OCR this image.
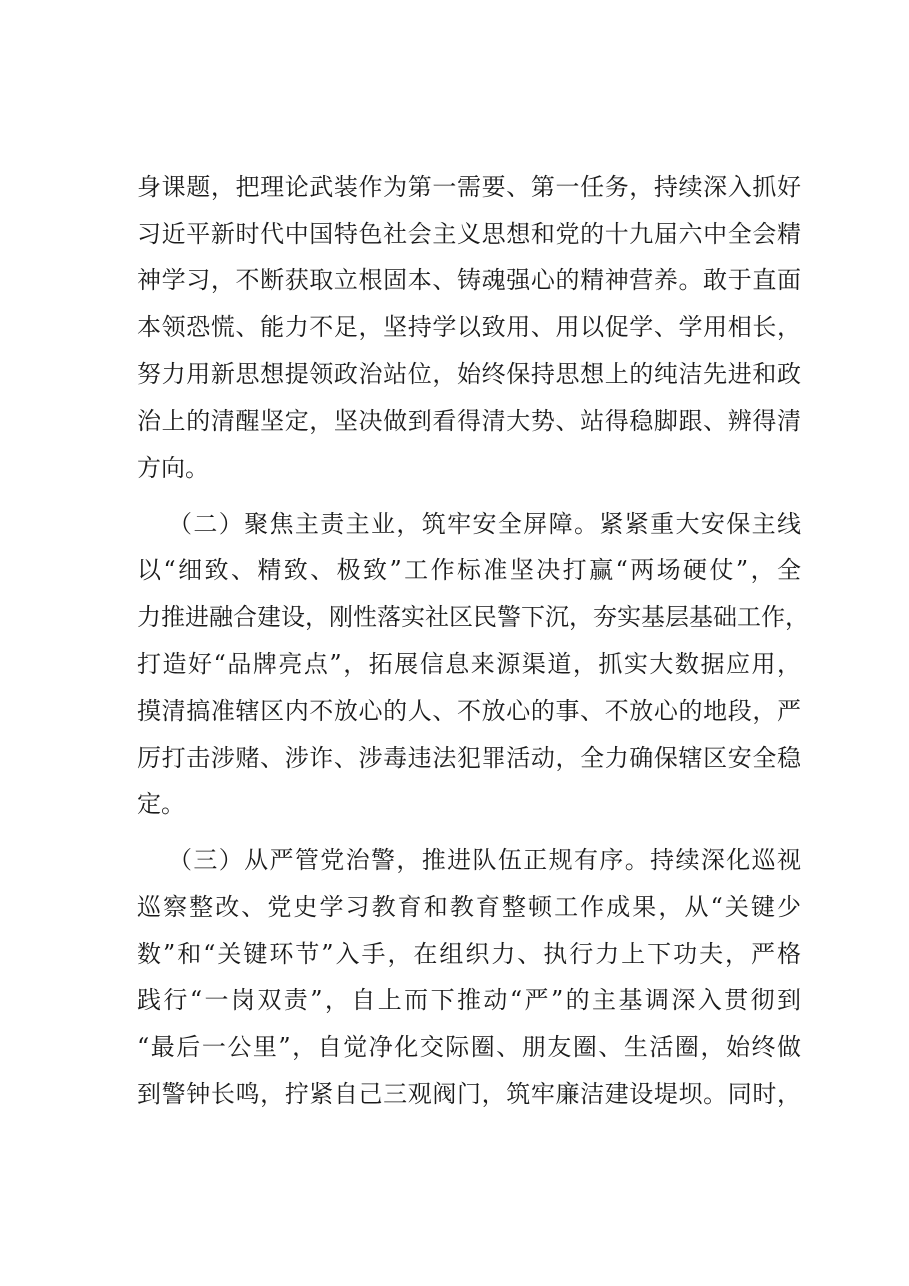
身课题，把理论武装作为第一需要、第一任务，持续深入抓好
习近平新时代中国特色社会主义思想和党的十九届六中全会精
神学习，不断获取立根固本、铸魂强心的精神营养。敢于直面
本领恐慌、能力不足，坚持学以致用、用以促学、学用相长，
努力用新思想提领政治站位，始终保持思想上的纯洁先进和政
治上的清醒坚定，坚决做到看得清大势、站得稳脚跟、辨得清
方向。
（二）聚焦主责主业，筑牢安全屏障。紧紧重大安保主线
以“细致、精致、极致”工作标准坚决打赢“两场硬仗”，全
力推进融合建设，刚性落实社区民警下沉，夯实基层基础工作，
打造好“品牌亮点”，拓展信息来源渠道，抓实大数据应用，
摸清搞准辖区内不放心的人、不放心的事、不放心的地段，严
厉打击涉赌、涉诈、涉毒违法犯罪活动，全力确保辖区安全稳
定。
（三）从严管党治警，推进队伍正规有序。持续深化巡视
巡察整改、党史学习教育和教育整顿工作成果，从“关键少
数”和“关键环节”入手，在组织力、执行力上下功夫，严格
践行“一岗双责”，自上而下推动“严”的主基调深入贯彻到
“最后一公里”，自觉净化交际圈、朋友圈、生活圈，始终做
到警钟长鸣，拧紧自己三观阀门，筑牢廉洁建设堤坝。同时，
